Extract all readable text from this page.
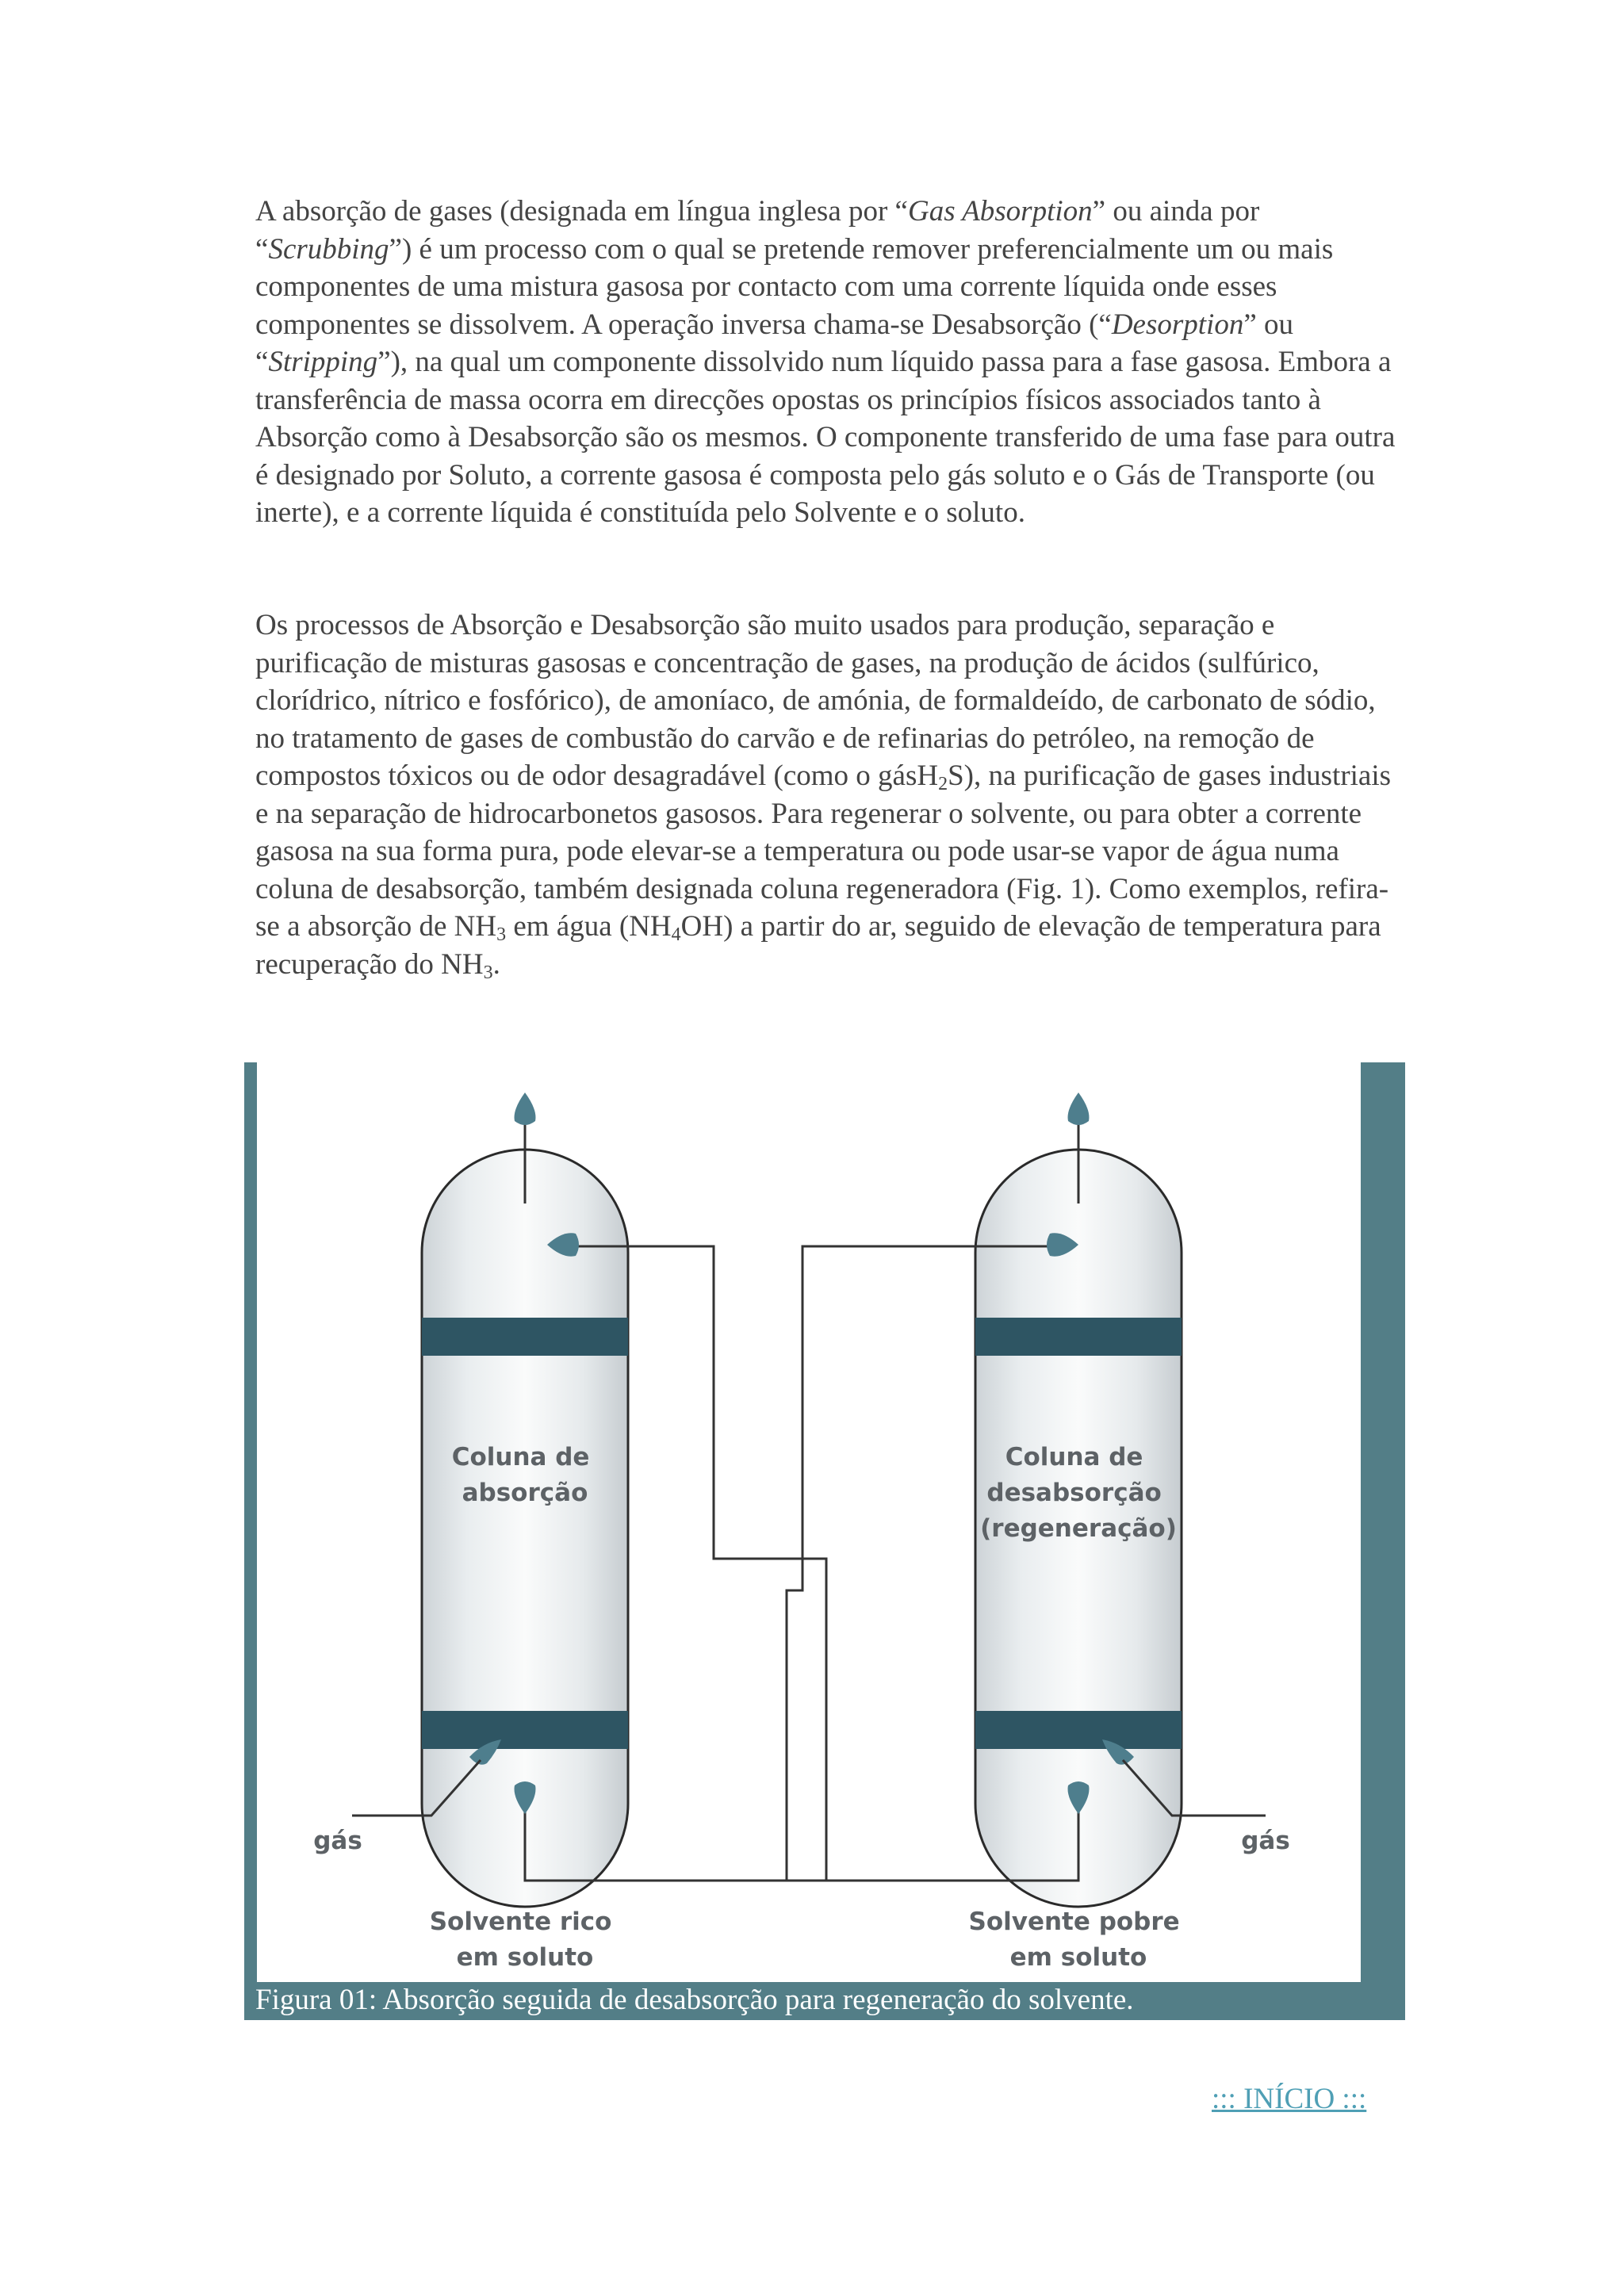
A absorção de gases (designada em língua inglesa por “Gas Absorption” ou ainda por “Scrubbing”) é um processo com o qual se pretende remover preferencialmente um ou mais componentes de uma mistura gasosa por contacto com uma corrente líquida onde esses componentes se dissolvem. A operação inversa chama-se Desabsorção (“Desorption” ou “Stripping”), na qual um componente dissolvido num líquido passa para a fase gasosa. Embora a transferência de massa ocorra em direcções opostas os princípios físicos associados tanto à Absorção como à Desabsorção são os mesmos. O componente transferido de uma fase para outra é designado por Soluto, a corrente gasosa é composta pelo gás soluto e o Gás de Transporte (ou inerte), e a corrente líquida é constituída pelo Solvente e o soluto.

Os processos de Absorção e Desabsorção são muito usados para produção, separação e purificação de misturas gasosas e concentração de gases, na produção de ácidos (sulfúrico, clorídrico, nítrico e fosfórico), de amoníaco, de amónia, de formaldeído, de carbonato de sódio, no tratamento de gases de combustão do carvão e de refinarias do petróleo, na remoção de compostos tóxicos ou de odor desagradável (como o gásH$_2$S), na purificação de gases industriais e na separação de hidrocarbonetos gasosos. Para regenerar o solvente, ou para obter a corrente gasosa na sua forma pura, pode elevar-se a temperatura ou pode usar-se vapor de água numa coluna de desabsorção, também designada coluna regeneradora (Fig. 1). Como exemplos, refira-se a absorção de $NH_3$ em água $(NH_4OH)$ a partir do ar, seguido de elevação de temperatura para recuperação do $NH_3$.

Coluna de absorção
Coluna de desabsorção (regeneração)
gás	gás
Solvente rico em soluto
Solvente pobre em soluto
Figura 01: Absorção seguida de desabsorção para regeneração do solvente.
::: INÍCIO :::
